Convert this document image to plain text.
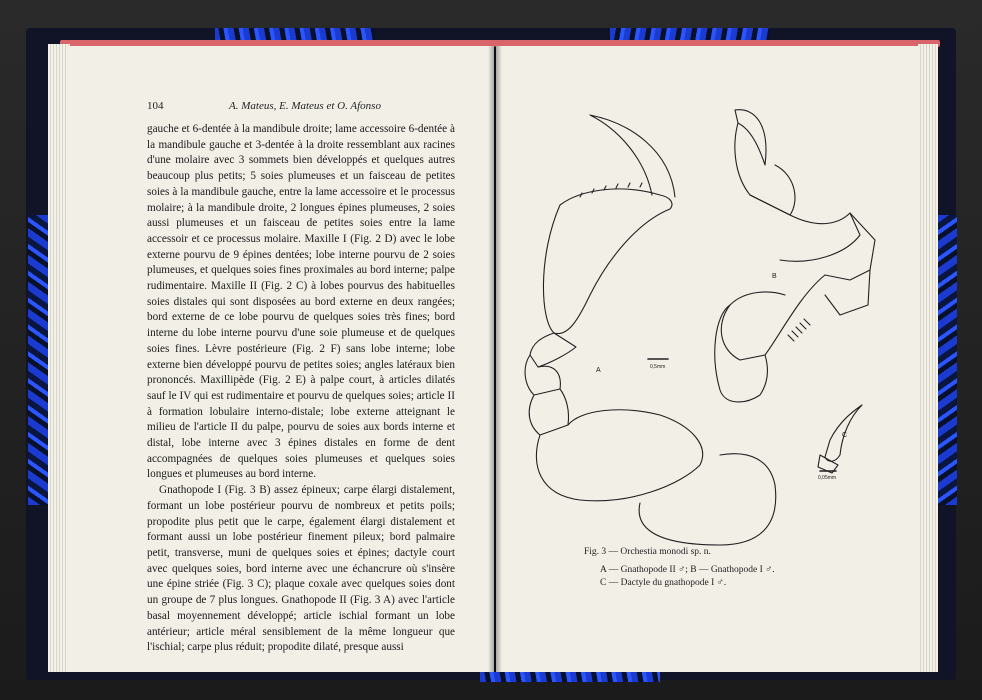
104	A. Mateus, E. Mateus et O. Afonso

gauche et 6-dentée à la mandibule droite; lame accessoire 6-dentée à la mandibule gauche et 3-dentée à la droite ressemblant aux racines d'une molaire avec 3 sommets bien développés et quelques autres beaucoup plus petits; 5 soies plumeuses et un faisceau de petites soies à la mandibule gauche, entre la lame accessoire et le processus molaire; à la mandibule droite, 2 longues épines plumeuses, 2 soies aussi plumeuses et un faisceau de petites soies entre la lame accessoir et ce processus molaire. Maxille I (Fig. 2 D) avec le lobe externe pourvu de 9 épines dentées; lobe interne pourvu de 2 soies plumeuses, et quelques soies fines proximales au bord interne; palpe rudimentaire. Maxille II (Fig. 2 C) à lobes pourvus des habituelles soies distales qui sont disposées au bord externe en deux rangées; bord externe de ce lobe pourvu de quelques soies très fines; bord interne du lobe interne pourvu d'une soie plumeuse et de quelques soies fines. Lèvre postérieure (Fig. 2 F) sans lobe interne; lobe externe bien développé pourvu de petites soies; angles latéraux bien prononcés. Maxillipède (Fig. 2 E) à palpe court, à articles dilatés sauf le IV qui est rudimentaire et pourvu de quelques soies; article II à formation lobulaire interno-distale; lobe externe atteignant le milieu de l'article II du palpe, pourvu de soies aux bords interne et distal, lobe interne avec 3 épines distales en forme de dent accompagnées de quelques soies plumeuses et quelques soies longues et plumeuses au bord interne.

Gnathopode I (Fig. 3 B) assez épineux; carpe élargi distalement, formant un lobe postérieur pourvu de nombreux et petits poils; propodite plus petit que le carpe, également élargi distalement et formant aussi un lobe postérieur finement pileux; bord palmaire petit, transverse, muni de quelques soies et épines; dactyle court avec quelques soies, bord interne avec une échancrure où s'insère une épine striée (Fig. 3 C); plaque coxale avec quelques soies dont un groupe de 7 plus longues. Gnathopode II (Fig. 3 A) avec l'article basal moyennement développé; article ischial formant un lobe antérieur; article méral sensiblement de la même longueur que l'ischial; carpe plus réduit; propodite dilaté, presque aussi

A
B
C
0,5mm
0,05mm
Fig. 3 — Orchestia monodi sp. n.
A — Gnathopode II ♂; B — Gnathopode I ♂.
C — Dactyle du gnathopode I ♂.
